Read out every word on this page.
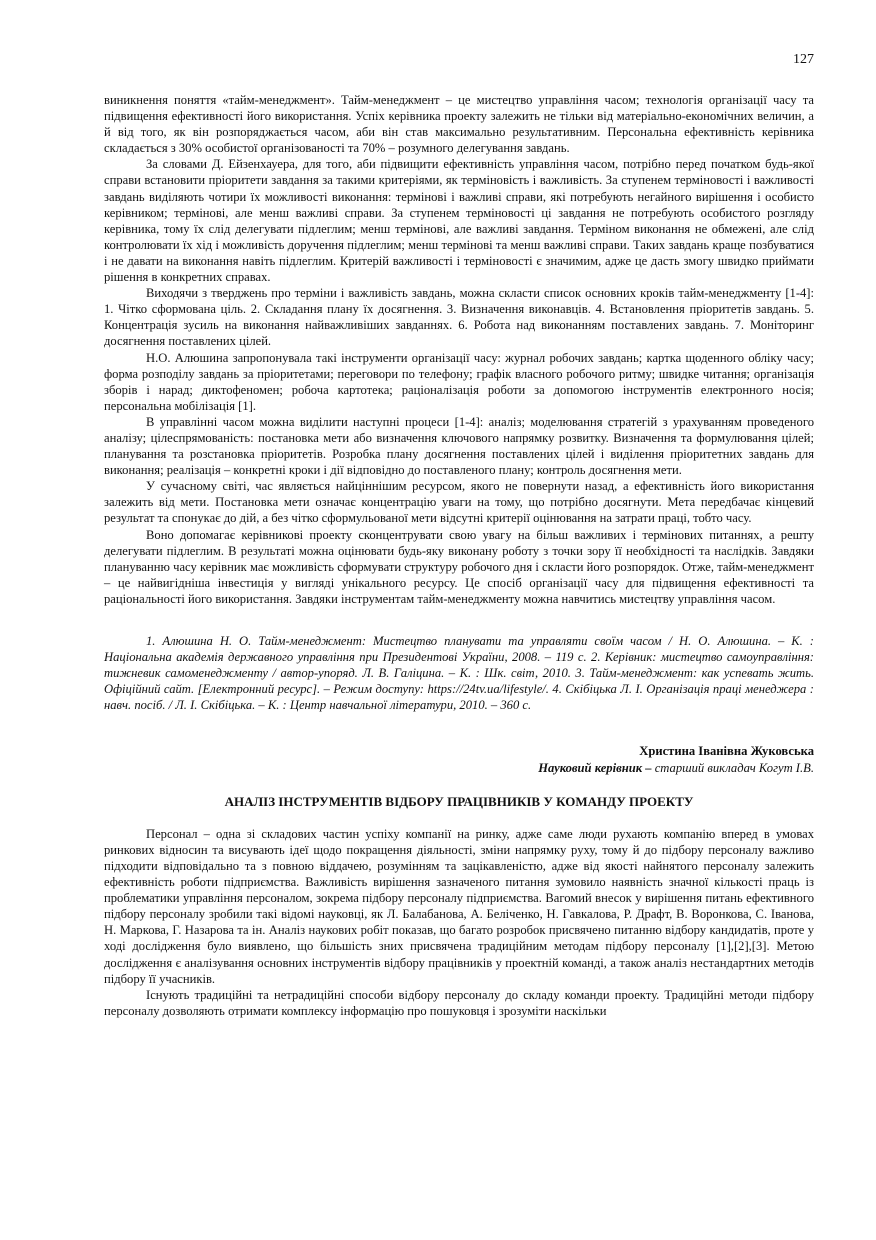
127

виникнення поняття «тайм-менеджмент». Тайм-менеджмент – це мистецтво управління часом; технологія організації часу та підвищення ефективності його використання. Успіх керівника проекту залежить не тільки від матеріально-економічних величин, а й від того, як він розпоряджається часом, аби він став максимально результативним. Персональна ефективність керівника складається з 30% особистої організованості та 70% – розумного делегування завдань.

За словами Д. Ейзенхауера, для того, аби підвищити ефективність управління часом, потрібно перед початком будь-якої справи встановити пріоритети завдання за такими критеріями, як терміновість і важливість. За ступенем терміновості і важливості завдань виділяють чотири їх можливості виконання: термінові і важливі справи, які потребують негайного вирішення і особисто керівником; термінові, але менш важливі справи. За ступенем терміновості ці завдання не потребують особистого розгляду керівника, тому їх слід делегувати підлеглим; менш термінові, але важливі завдання. Терміном виконання не обмежені, але слід контролювати їх хід і можливість доручення підлеглим; менш термінові та менш важливі справи. Таких завдань краще позбуватися і не давати на виконання навіть підлеглим. Критерій важливості і терміновості є значимим, адже це дасть змогу швидко приймати рішення в конкретних справах.

Виходячи з тверджень про терміни і важливість завдань, можна скласти список основних кроків тайм-менеджменту [1-4]: 1. Чітко сформована ціль. 2. Складання плану їх досягнення. 3. Визначення виконавців. 4. Встановлення пріоритетів завдань. 5. Концентрація зусиль на виконання найважливіших завданнях. 6. Робота над виконанням поставлених завдань. 7. Моніторинг досягнення поставлених цілей.

Н.О. Алюшина запропонувала такі інструменти організації часу: журнал робочих завдань; картка щоденного обліку часу; форма розподілу завдань за пріоритетами; переговори по телефону; графік власного робочого ритму; швидке читання; організація зборів і нарад; диктофеномен; робоча картотека; раціоналізація роботи за допомогою інструментів електронного носія; персональна мобілізація [1].

В управлінні часом можна виділити наступні процеси [1-4]: аналіз; моделювання стратегій з урахуванням проведеного аналізу; цілеспрямованість: постановка мети або визначення ключового напрямку розвитку. Визначення та формулювання цілей; планування та розстановка пріоритетів. Розробка плану досягнення поставлених цілей і виділення пріоритетних завдань для виконання; реалізація – конкретні кроки і дії відповідно до поставленого плану; контроль досягнення мети.

У сучасному світі, час являється найціннішим ресурсом, якого не повернути назад, а ефективність його використання залежить від мети. Постановка мети означає концентрацію уваги на тому, що потрібно досягнути. Мета передбачає кінцевий результат та спонукає до дій, а без чітко сформульованої мети відсутні критерії оцінювання на затрати праці, тобто часу.

Воно допомагає керівникові проекту сконцентрувати свою увагу на більш важливих і термінових питаннях, а решту делегувати підлеглим. В результаті можна оцінювати будь-яку виконану роботу з точки зору її необхідності та наслідків. Завдяки плануванню часу керівник має можливість сформувати структуру робочого дня і скласти його розпорядок. Отже, тайм-менеджмент – це найвигідніша інвестиція у вигляді унікального ресурсу. Це спосіб організації часу для підвищення ефективності та раціональності його використання. Завдяки інструментам тайм-менеджменту можна навчитись мистецтву управління часом.

1. Алюшина Н. О. Тайм-менеджмент: Мистецтво планувати та управляти своїм часом / Н. О. Алюшина. – К. : Національна академія державного управління при Президентові України, 2008. – 119 с. 2. Керівник: мистецтво самоуправління: тижневик самоменеджменту / автор-упоряд. Л. В. Галіцина. – К. : Шк. світ, 2010. 3. Тайм-менеджмент: как успевать жить. Офіційний сайт. [Електронний ресурс]. – Режим доступу: https://24tv.ua/lifestyle/. 4. Скібіцька Л. І. Організація праці менеджера : навч. посіб. / Л. І. Скібіцька. – К. : Центр навчальної літератури, 2010. – 360 с.

Христина Іванівна Жуковська
Науковий керівник – старший викладач Когут І.В.
АНАЛІЗ ІНСТРУМЕНТІВ ВІДБОРУ ПРАЦІВНИКІВ У КОМАНДУ ПРОЕКТУ

Персонал – одна зі складових частин успіху компанії на ринку, адже саме люди рухають компанію вперед в умовах ринкових відносин та висувають ідеї щодо покращення діяльності, зміни напрямку руху, тому й до підбору персоналу важливо підходити відповідально та з повною віддачею, розумінням та зацікавленістю, адже від якості найнятого персоналу залежить ефективність роботи підприємства. Важливість вирішення зазначеного питання зумовило наявність значної кількості праць із проблематики управління персоналом, зокрема підбору персоналу підприємства. Вагомий внесок у вирішення питань ефективного підбору персоналу зробили такі відомі науковці, як Л. Балабанова, А. Беліченко, Н. Гавкалова, Р. Драфт, В. Воронкова, С. Іванова, Н. Маркова, Г. Назарова та ін. Аналіз наукових робіт показав, що багато розробок присвячено питанню відбору кандидатів, проте у ході дослідження було виявлено, що більшість зних присвячена традиційним методам підбору персоналу [1],[2],[3]. Метою дослідження є аналізування основних інструментів відбору працівників у проектній команді, а також аналіз нестандартних методів підбору її учасників.

Існують традиційні та нетрадиційні способи відбору персоналу до складу команди проекту. Традиційні методи підбору персоналу дозволяють отримати комплексу інформацію про пошуковця і зрозуміти наскільки
